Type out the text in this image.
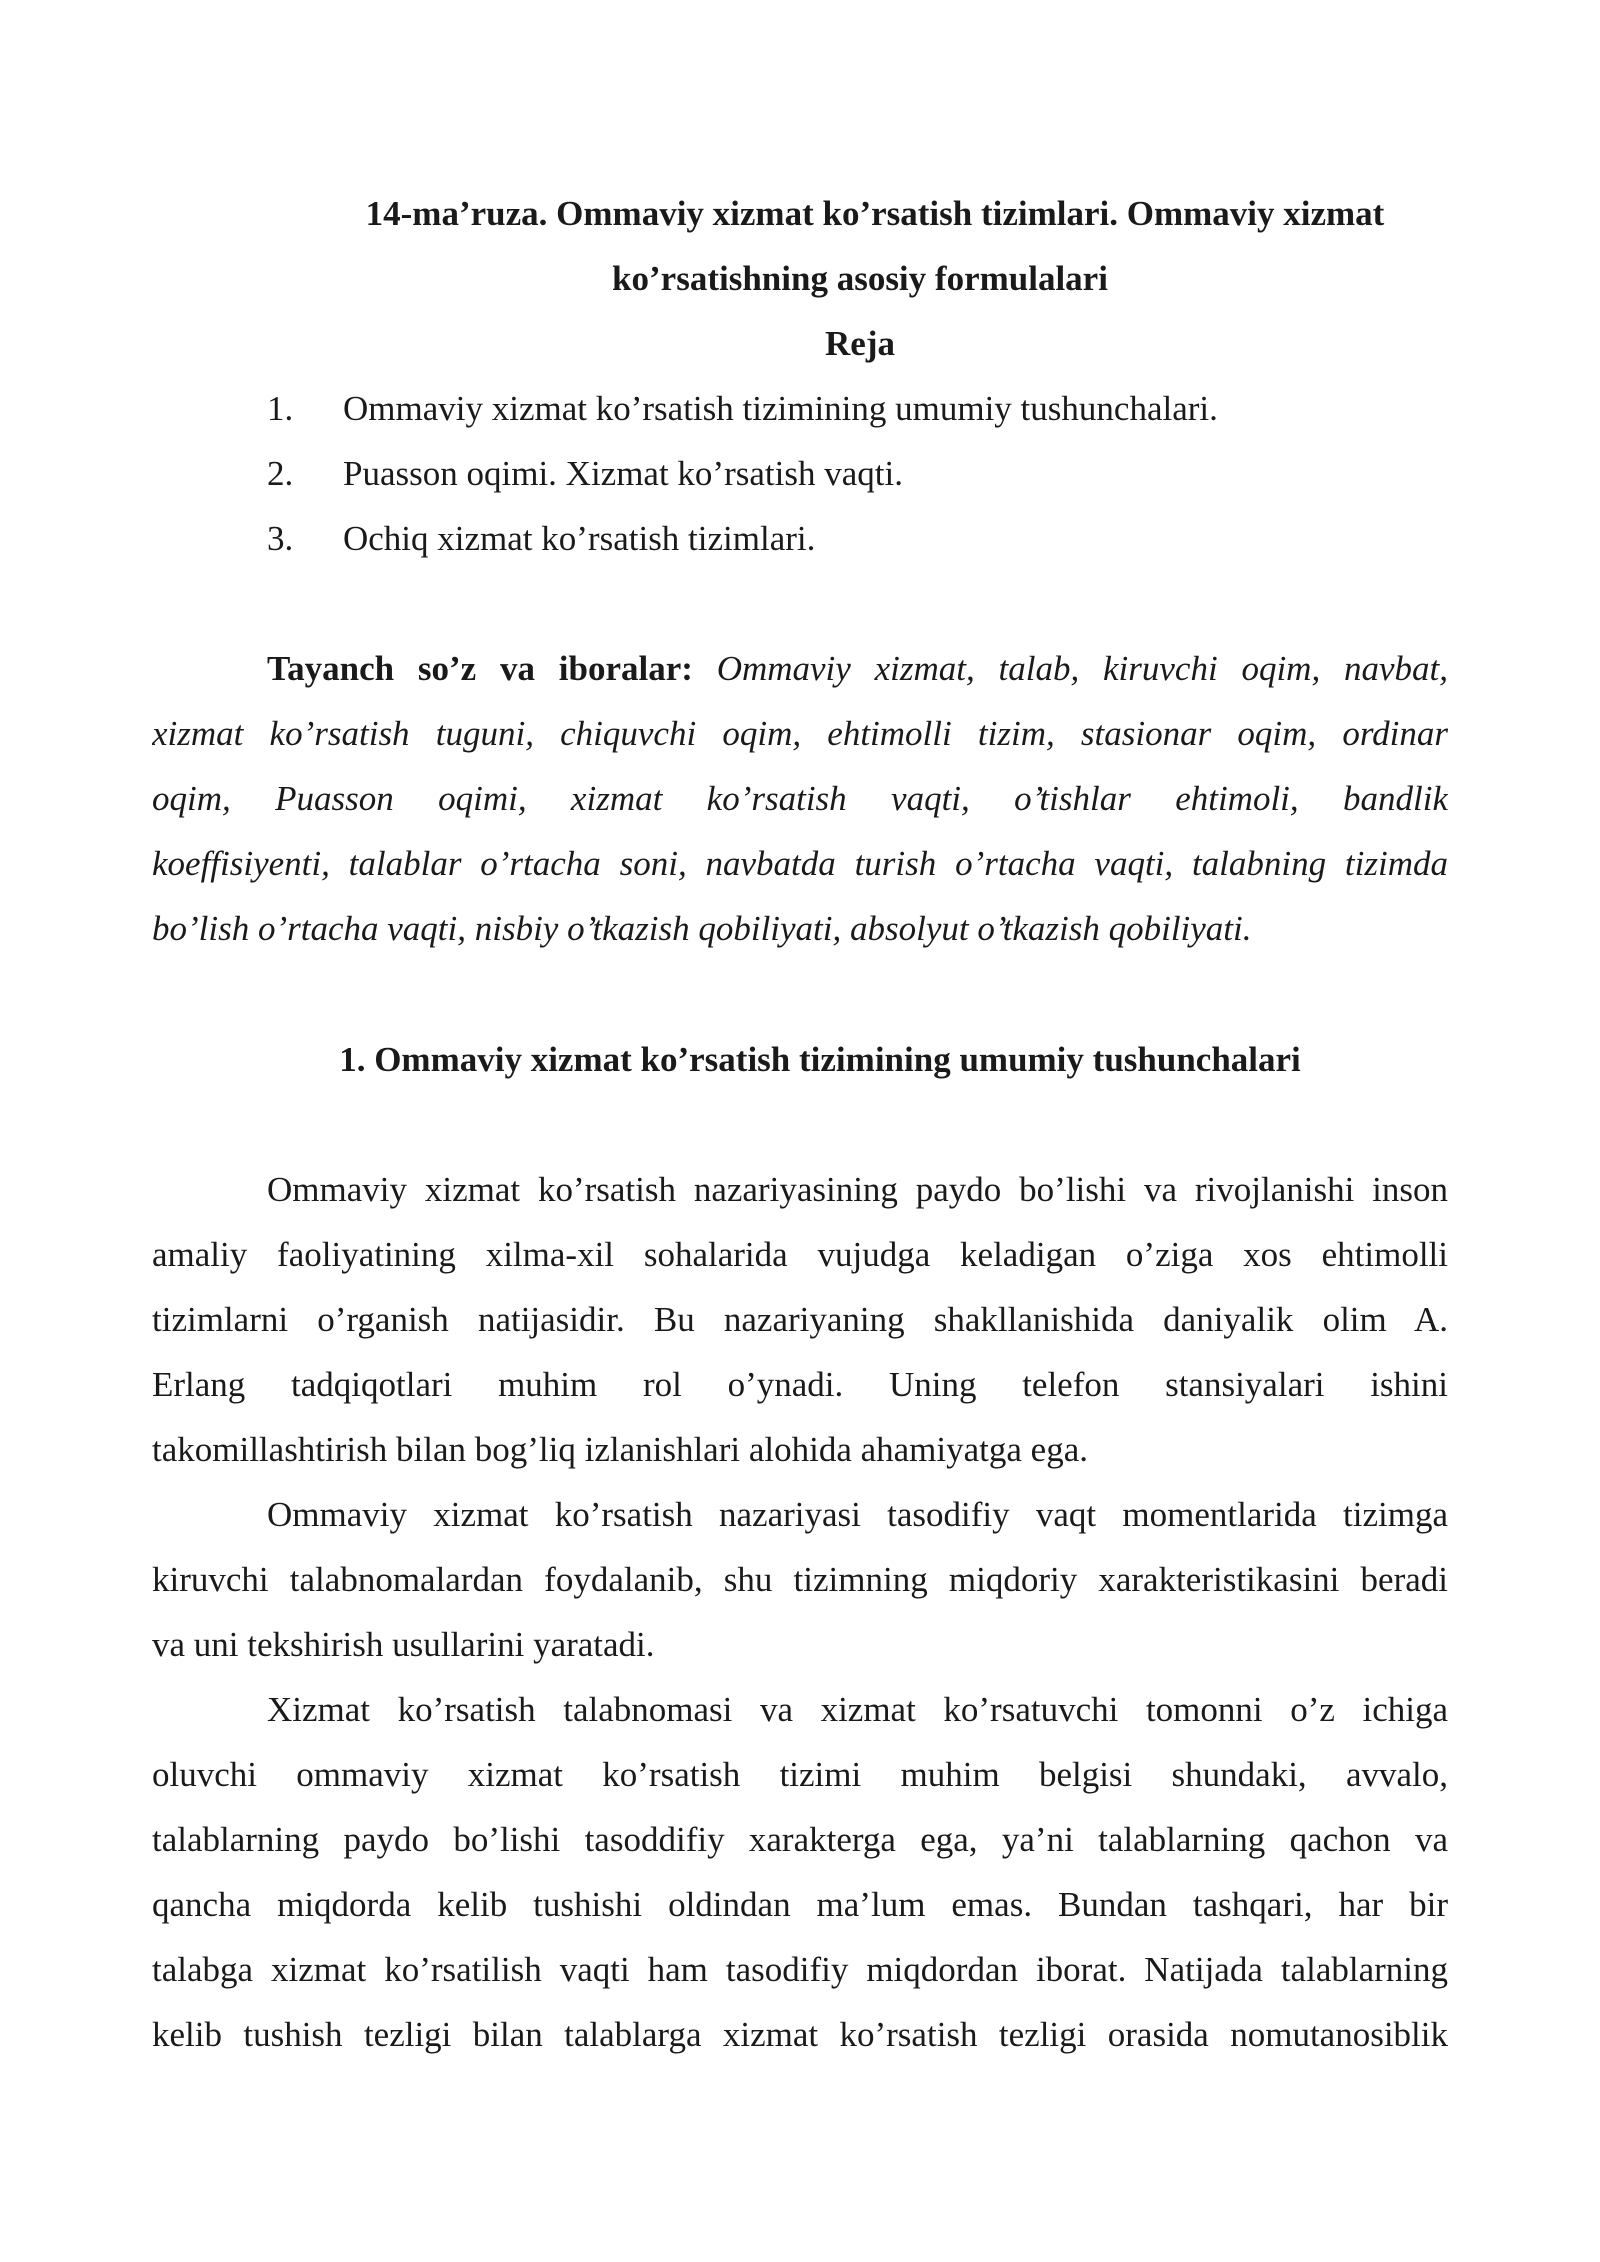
14-ma’ruza. Ommaviy xizmat ko’rsatish tizimlari. Ommaviy xizmat
ko’rsatishning asosiy formulalari
Reja
1. Ommaviy xizmat ko’rsatish tizimining umumiy tushunchalari.
2. Puasson oqimi. Xizmat ko’rsatish vaqti.
3. Ochiq xizmat ko’rsatish tizimlari.
Tayanch so’z va iboralar: Ommaviy xizmat, talab, kiruvchi oqim, navbat,
xizmat ko’rsatish tuguni, chiquvchi oqim, ehtimolli tizim, stasionar oqim, ordinar
oqim, Puasson oqimi, xizmat ko’rsatish vaqti, o’tishlar ehtimoli, bandlik
koeffisiyenti, talablar o’rtacha soni, navbatda turish o’rtacha vaqti, talabning tizimda
bo’lish o’rtacha vaqti, nisbiy o’tkazish qobiliyati, absolyut o’tkazish qobiliyati.
1. Ommaviy xizmat ko’rsatish tizimining umumiy tushunchalari
Ommaviy xizmat ko’rsatish nazariyasining paydo bo’lishi va rivojlanishi inson
amaliy faoliyatining xilma-xil sohalarida vujudga keladigan o’ziga xos ehtimolli
tizimlarni o’rganish natijasidir. Bu nazariyaning shakllanishida daniyalik olim A.
Erlang tadqiqotlari muhim rol o’ynadi. Uning telefon stansiyalari ishini
takomillashtirish bilan bog’liq izlanishlari alohida ahamiyatga ega.
Ommaviy xizmat ko’rsatish nazariyasi tasodifiy vaqt momentlarida tizimga
kiruvchi talabnomalardan foydalanib, shu tizimning miqdoriy xarakteristikasini beradi
va uni tekshirish usullarini yaratadi.
Xizmat ko’rsatish talabnomasi va xizmat ko’rsatuvchi tomonni o’z ichiga
oluvchi ommaviy xizmat ko’rsatish tizimi muhim belgisi shundaki, avvalo,
talablarning paydo bo’lishi tasoddifiy xarakterga ega, ya’ni talablarning qachon va
qancha miqdorda kelib tushishi oldindan ma’lum emas. Bundan tashqari, har bir
talabga xizmat ko’rsatilish vaqti ham tasodifiy miqdordan iborat. Natijada talablarning
kelib tushish tezligi bilan talablarga xizmat ko’rsatish tezligi orasida nomutanosiblik
